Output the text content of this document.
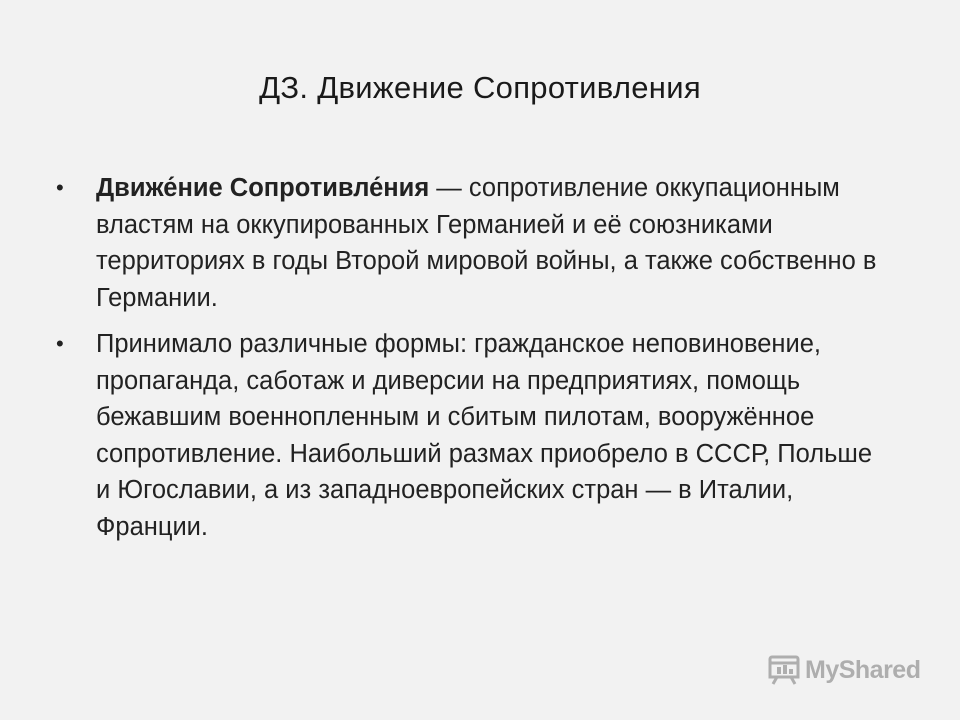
ДЗ. Движение Сопротивления
• Движе́ние Сопротивле́ния — сопротивление оккупационным властям на оккупированных Германией и её союзниками территориях в годы Второй мировой войны, а также собственно в Германии.
• Принимало различные формы: гражданское неповиновение, пропаганда, саботаж и диверсии на предприятиях, помощь бежавшим военнопленным и сбитым пилотам, вооружённое сопротивление. Наибольший размах приобрело в СССР, Польше и Югославии, а из западноевропейских стран — в Италии, Франции.
MyShared
